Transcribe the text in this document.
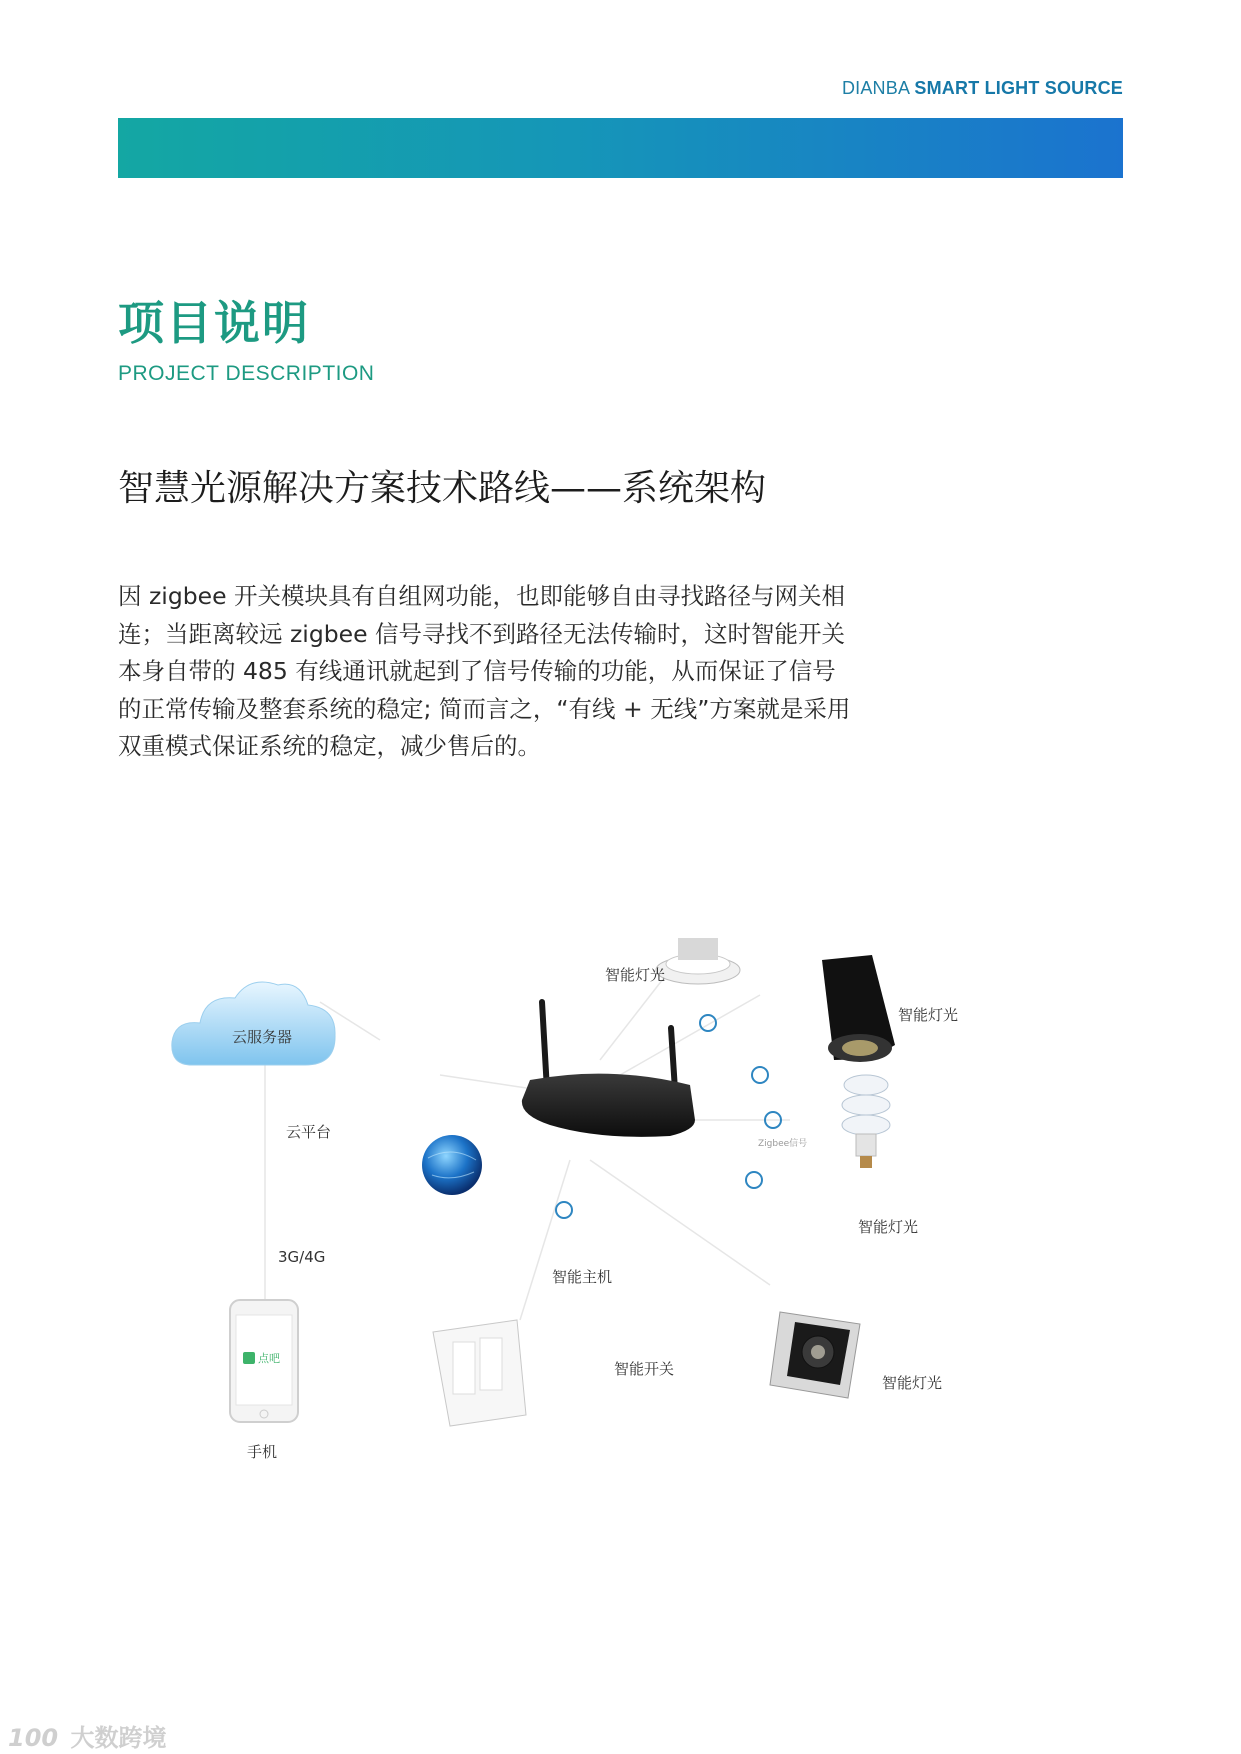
DIANBA SMART LIGHT SOURCE
项目说明
PROJECT DESCRIPTION
智慧光源解决方案技术路线——系统架构

因 zigbee 开关模块具有自组网功能，也即能够自由寻找路径与网关相连；当距离较远 zigbee 信号寻找不到路径无法传输时，这时智能开关本身自带的 485 有线通讯就起到了信号传输的功能，从而保证了信号的正常传输及整套系统的稳定; 简而言之，“有线 + 无线”方案就是采用双重模式保证系统的稳定，减少售后的。

云服务器
云平台
3G/4G
点吧
手机
智能主机
智能灯光
智能灯光
智能灯光
智能灯光
智能开关
Zigbee信号
100 大数跨境
